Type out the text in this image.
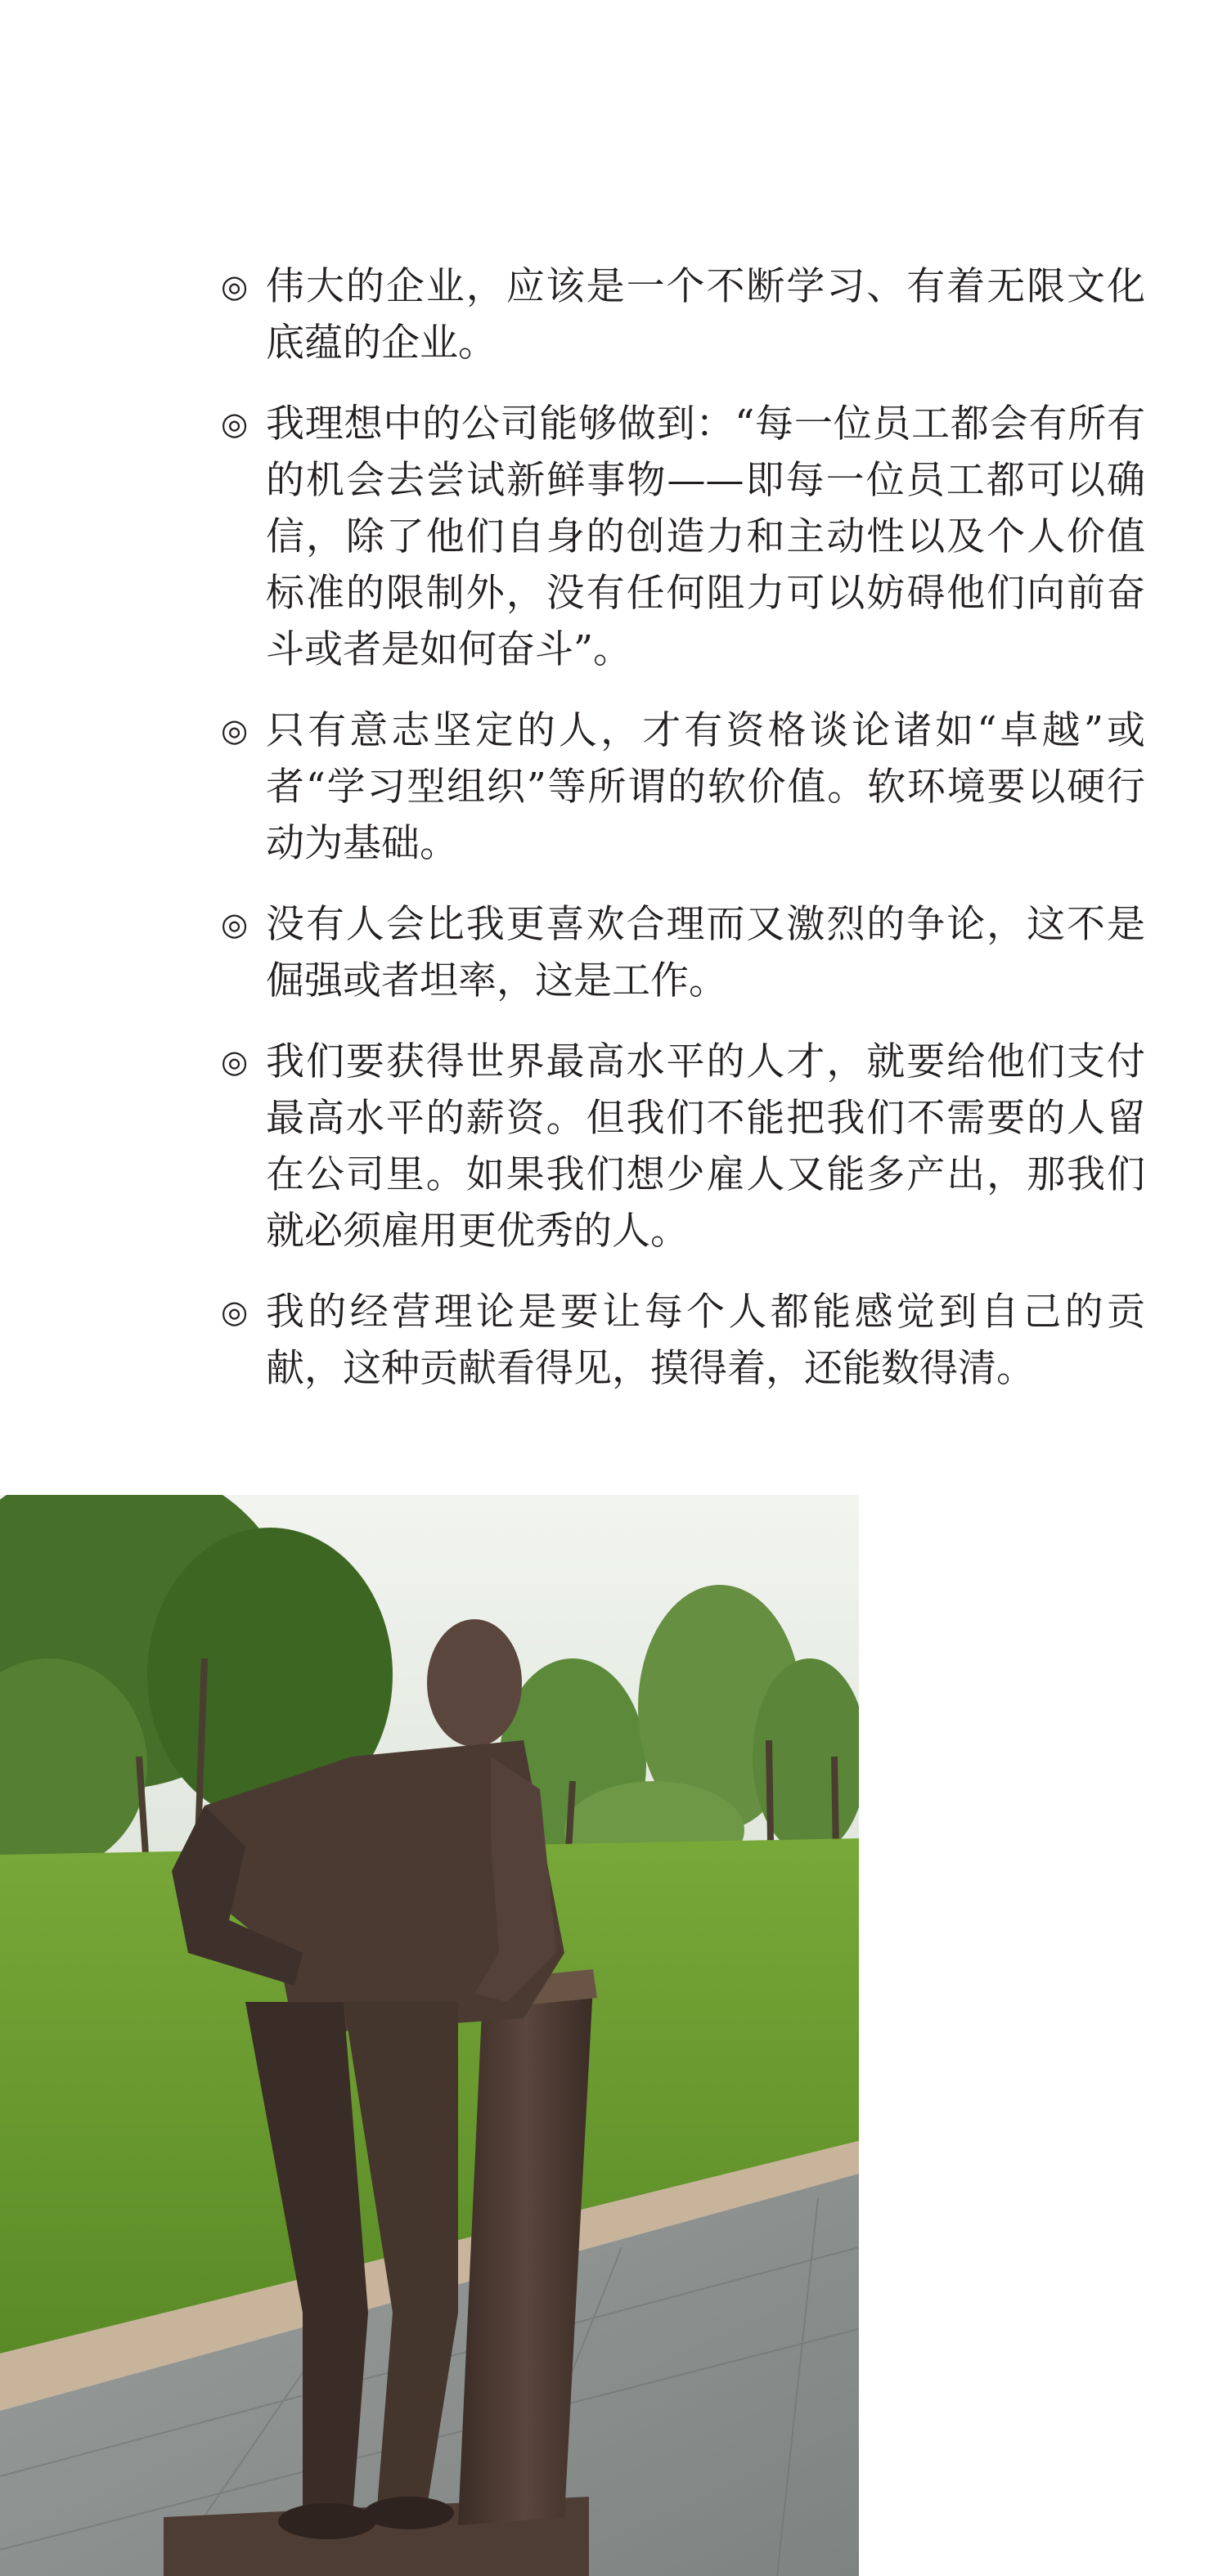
◎ 伟大的企业，应该是一个不断学习、有着无限文化底蕴的企业。
◎ 我理想中的公司能够做到：“每一位员工都会有所有的机会去尝试新鲜事物——即每一位员工都可以确信，除了他们自身的创造力和主动性以及个人价值标准的限制外，没有任何阻力可以妨碍他们向前奋斗或者是如何奋斗”。
◎ 只有意志坚定的人，才有资格谈论诸如“卓越”或者“学习型组织”等所谓的软价值。软环境要以硬行动为基础。
◎ 没有人会比我更喜欢合理而又激烈的争论，这不是倔强或者坦率，这是工作。
◎ 我们要获得世界最高水平的人才，就要给他们支付最高水平的薪资。但我们不能把我们不需要的人留在公司里。如果我们想少雇人又能多产出，那我们就必须雇用更优秀的人。
◎ 我的经营理论是要让每个人都能感觉到自己的贡献，这种贡献看得见，摸得着，还能数得清。
